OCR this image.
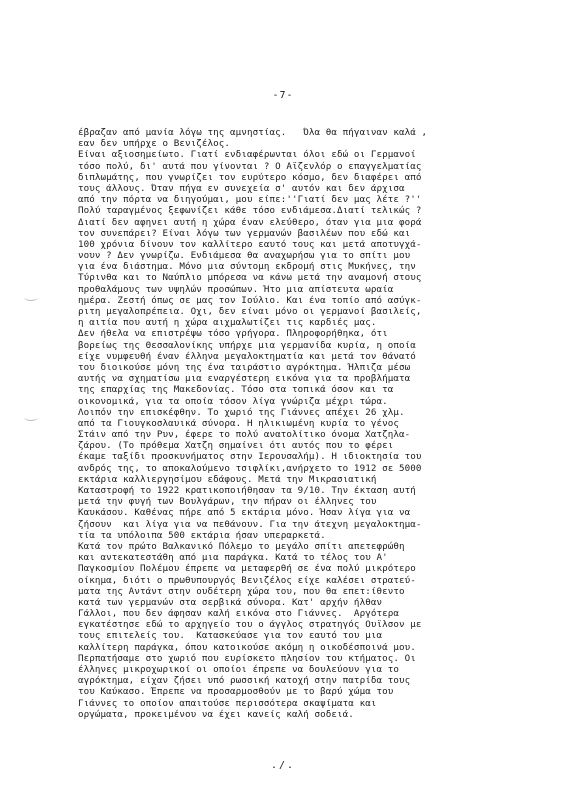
-7-
έβραζαν από μανία λόγω της αμνηστίας.   Όλα θα πήγαιναν καλά ,
εαν δεν υπήρχε ο Βενιζέλος.
Είναι αξιοσημείωτο. Γιατί ενδιαφέρωνται όλοι εδώ οι Γερμανοί
τόσο πολύ, δι' αυτά που γίνονται ? Ο Αϊζενλόρ ο επαγγελματίας
διπλωμάτης, που γνωρίζει τον ευρύτερο κόσμο, δεν διαφέρει από
τους άλλους. Όταν πήγα εν συνεχεία σ' αυτόν και δεν άρχισα
από την πόρτα να διηγούμαι, μου είπε:''Γιατί δεν μας λέτε ?''
Πολύ ταραγμένος ξεφωνίζει κάθε τόσο ενδιάμεσα.Διατί τελικώς ?
Διατί δεν αφηνει αυτή η χώρα έναν ελεύθερο, όταν για μια φορά
τον συνεπάρει? Είναι λόγω των γερμανών βασιλέων που εδώ και
100 χρόνια δίνουν τον καλλίτερο εαυτό τους και μετά αποτυγχά-
νουν ? Δεν γνωρίζω. Ενδιάμεσα θα αναχωρήσω για το σπίτι μου
για ένα διάστημα. Μόνο μια σύντομη εκδρομή στις Μυκήνες, την
Τύρινθα και το Ναύπλιο μπόρεσα να κάνω μετά την αναμονή στους
προθαλάμους των υψηλών προσώπων. Ήτο μια απίστευτα ωραία
ημέρα. Ζεστή όπως σε μας τον Ιούλιο. Και ένα τοπίο από ασύγκ-
ριτη μεγαλοπρέπεια. Οχι, δεν είναι μόνο οι γερμανοί βασιλείς,
η αιτία που αυτή η χώρα αιχμαλωτίζει τις καρδιές μας.
Δεν ήθελα να επιστρέψω τόσο γρήγορα. Πληροφορήθηκα, ότι
βορείως της Θεσσαλονίκης υπήρχε μια γερμανίδα κυρία, η οποία
είχε νυμφευθή έναν έλληνα μεγαλοκτηματία και μετά τον θάνατό
του διοικούσε μόνη της ένα ταιράστιο αγρόκτημα. Ήλπιζα μέσω
αυτής να σχηματίσω μια εναργέστερη εικόνα για τα προβλήματα
της επαρχίας της Μακεδονίας. Τόσο στα τοπικά όσον και τα
οικονομικά, για τα οποία τόσον λίγα γνώριζα μέχρι τώρα.
Λοιπόν την επισκέφθην. Το χωριό της Γιάννες απέχει 26 χλμ.
από τα Γιουγκοσλαυικά σύνορα. Η ηλικιωμένη κυρία το γένος
Στάιν από την Ρυν, έφερε το πολύ ανατολίτικο όνομα Χατζηλα-
ζάρου. (Το πρόθεμα Χατζη σημαίνει ότι αυτός που το φέρει
έκαμε ταξίδι προσκυνήματος στην Ιερουσαλήμ). Η ιδιοκτησία του
ανδρός της, το αποκαλούμενο τσιφλίκι,ανήρχετο το 1912 σε 5000
εκτάρια καλλιεργησίμου εδάφους. Μετά την Μικρασιατική
Καταστροφή το 1922 κρατικοποιήθησαν τα 9/10. Την έκταση αυτή
μετά την φυγή των Βουλγάρων, την πήραν οι έλληνες του
Καυκάσου. Καθένας πήρε από 5 εκτάρια μόνο. Ήσαν λίγα για να
ζήσουν  και λίγα για να πεθάνουν. Για την άτεχνη μεγαλοκτημα-
τία τα υπόλοιπα 500 εκτάρια ήσαν υπεραρκετά.
Κατά τον πρώτο Βαλκανικό Πόλεμο το μεγάλο σπίτι απετεφρώθη
και αντεκατεστάθη από μια παράγκα. Κατά το τέλος του Α'
Παγκοσμίου Πολέμου έπρεπε να μεταφερθή σε ένα πολύ μικρότερο
οίκημα, διότι ο πρωθυπουργός Βενιζέλος είχε καλέσει στρατεύ-
ματα της Αντάντ στην ουδέτερη χώρα του, που θα επετ:ίθεντο
κατά των γερμανών στα σερβικά σύνορα. Κατ' αρχήν ήλθαν
Γάλλοι, που δεν άφησαν καλή εικόνα στο Γιάννες.  Αργότερα
εγκατέστησε εδώ το αρχηγείο του ο άγγλος στρατηγός Ουϊλσον με
τους επιτελείς του.  Κατασκεύασε για τον εαυτό του μια
καλλίτερη παράγκα, όπου κατοικούσε ακόμη η οικοδέσποινά μου.
Περπατήσαμε στο χωριό που ευρίσκετο πλησίον του κτήματος. Οι
έλληνες μικροχωρικοί οι οποίοι έπρεπε να δουλεύουν για το
αγρόκτημα, είχαν ζήσει υπό ρωσσική κατοχή στην πατρίδα τους
του Καύκασο. Έπρεπε να προσαρμοσθούν με το βαρύ χώμα του
Γιάννες το οποίον απαιτούσε περισσότερα σκαψίματα και
οργώματα, προκειμένου να έχει κανείς καλή σοδειά.
./.
